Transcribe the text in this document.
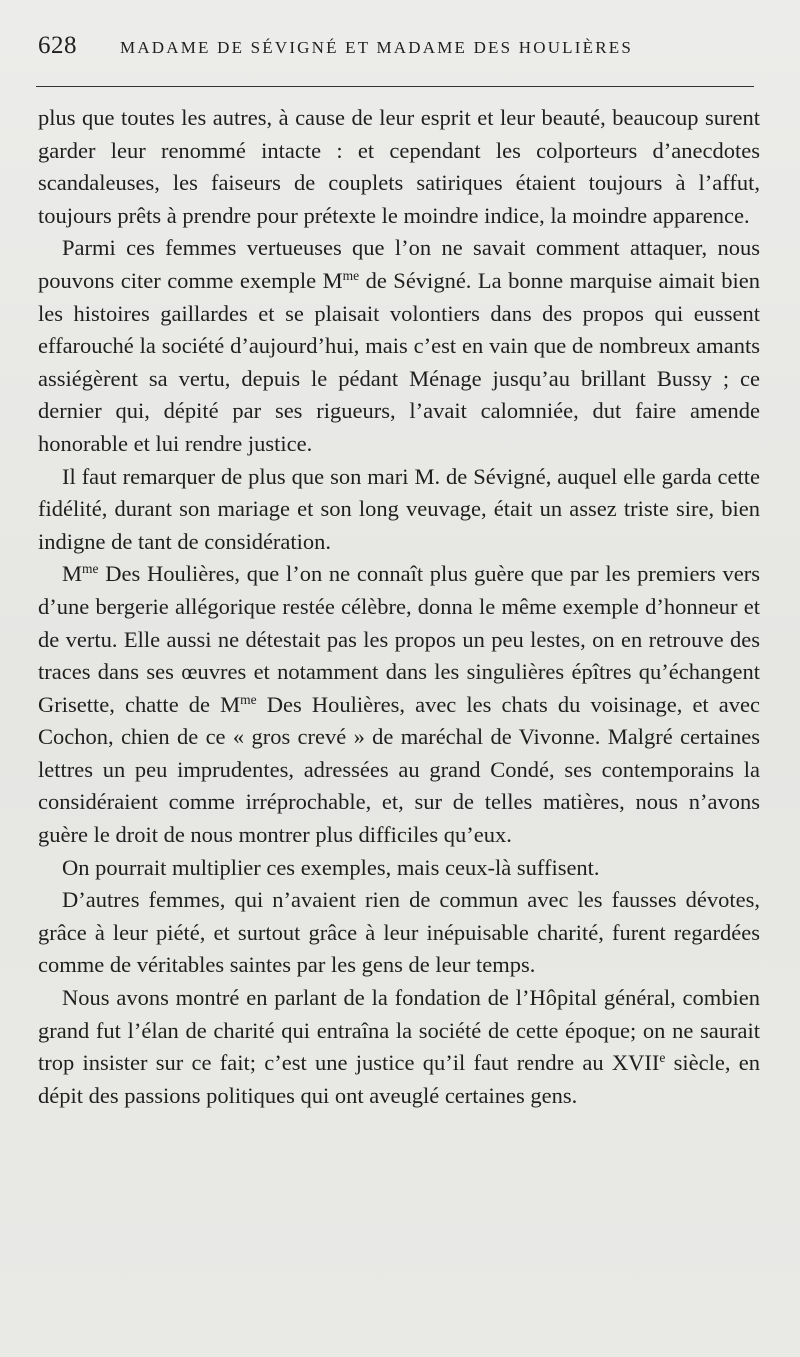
628	MADAME DE SÉVIGNÉ ET MADAME DES HOULIÈRES

plus que toutes les autres, à cause de leur esprit et leur beauté, beaucoup surent garder leur renommé intacte : et cependant les colporteurs d’anecdotes scandaleuses, les faiseurs de couplets satiriques étaient toujours à l’affut, toujours prêts à prendre pour prétexte le moindre indice, la moindre apparence.

Parmi ces femmes vertueuses que l’on ne savait comment attaquer, nous pouvons citer comme exemple $M^{me}$ de Sévigné. La bonne marquise aimait bien les histoires gaillardes et se plaisait volontiers dans des propos qui eussent effarouché la société d’aujourd’hui, mais c’est en vain que de nombreux amants assiégèrent sa vertu, depuis le pédant Ménage jusqu’au brillant Bussy ; ce dernier qui, dépité par ses rigueurs, l’avait calomniée, dut faire amende honorable et lui rendre justice.

Il faut remarquer de plus que son mari M. de Sévigné, auquel elle garda cette fidélité, durant son mariage et son long veuvage, était un assez triste sire, bien indigne de tant de considération.

$M^{me}$ Des Houlières, que l’on ne connaît plus guère que par les premiers vers d’une bergerie allégorique restée célèbre, donna le même exemple d’honneur et de vertu. Elle aussi ne détestait pas les propos un peu lestes, on en retrouve des traces dans ses œuvres et notamment dans les singulières épîtres qu’échangent Grisette, chatte de $M^{me}$ Des Houlières, avec les chats du voisinage, et avec Cochon, chien de ce « gros crevé » de maréchal de Vivonne. Malgré certaines lettres un peu imprudentes, adressées au grand Condé, ses contemporains la considéraient comme irréprochable, et, sur de telles matières, nous n’avons guère le droit de nous montrer plus difficiles qu’eux.

On pourrait multiplier ces exemples, mais ceux-là suffisent.

D’autres femmes, qui n’avaient rien de commun avec les fausses dévotes, grâce à leur piété, et surtout grâce à leur inépuisable charité, furent regardées comme de véritables saintes par les gens de leur temps.

Nous avons montré en parlant de la fondation de l’Hôpital général, combien grand fut l’élan de charité qui entraîna la société de cette époque; on ne saurait trop insister sur ce fait; c’est une justice qu’il faut rendre au XVIIe siècle, en dépit des passions politiques qui ont aveuglé certaines gens.
